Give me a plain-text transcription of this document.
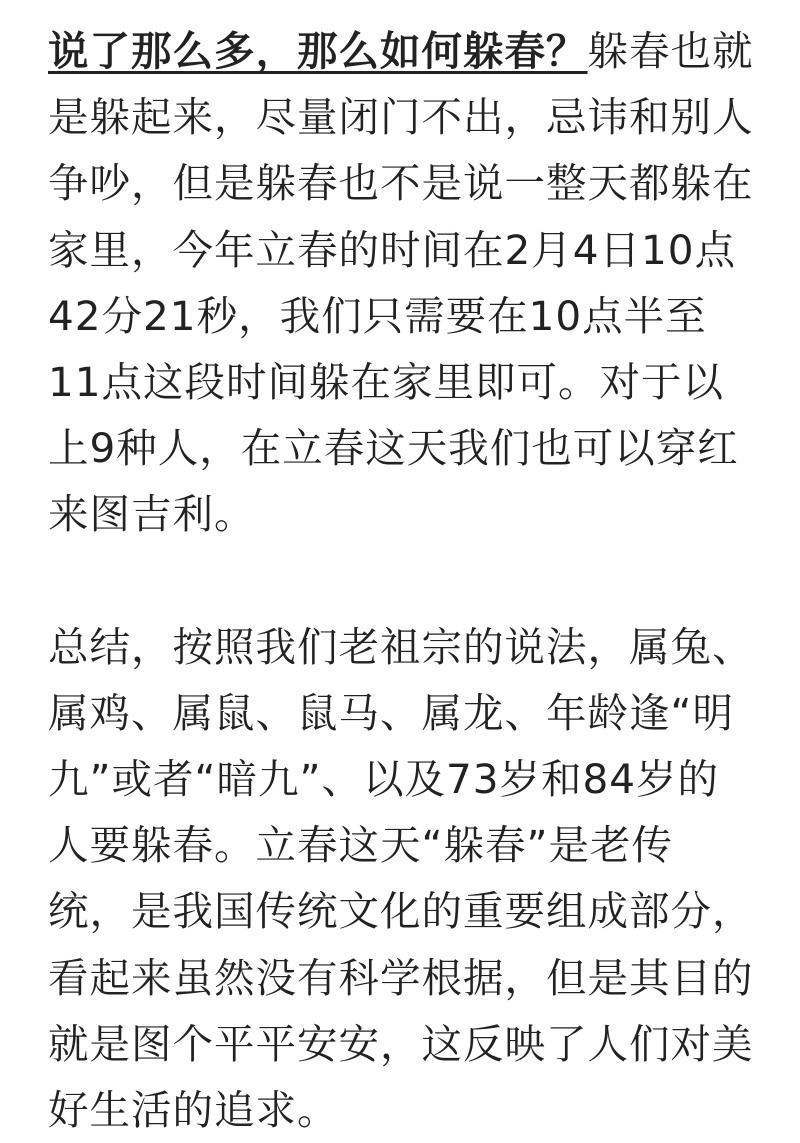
说了那么多，那么如何躲春？躲春也就是躲起来，尽量闭门不出，忌讳和别人争吵，但是躲春也不是说一整天都躲在家里，今年立春的时间在2月4日10点42分21秒，我们只需要在10点半至11点这段时间躲在家里即可。对于以上9种人，在立春这天我们也可以穿红来图吉利。

总结，按照我们老祖宗的说法，属兔、属鸡、属鼠、鼠马、属龙、年龄逢“明九”或者“暗九”、以及73岁和84岁的人要躲春。立春这天“躲春”是老传统，是我国传统文化的重要组成部分，看起来虽然没有科学根据，但是其目的就是图个平平安安，这反映了人们对美好生活的追求。
